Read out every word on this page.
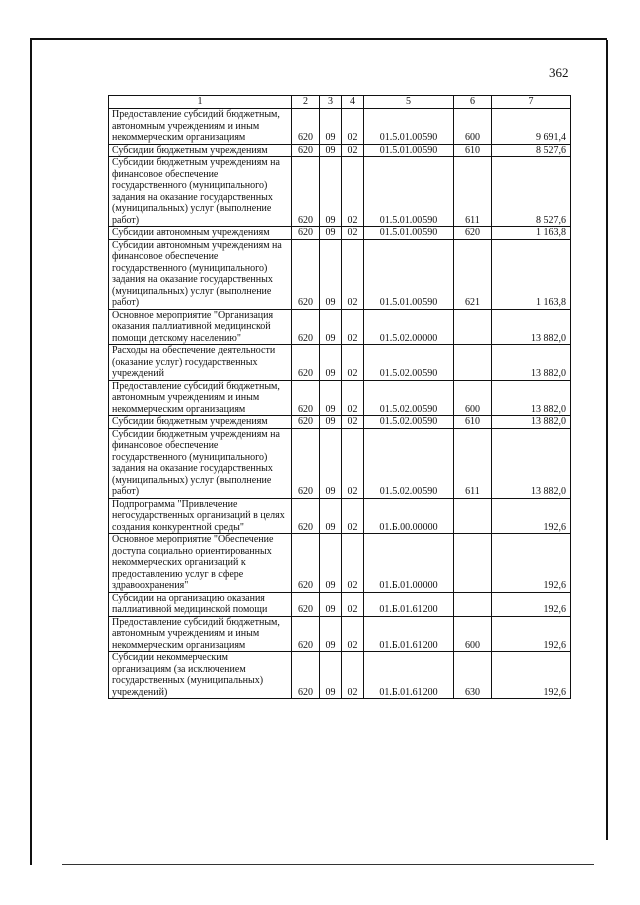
362
1	2	3	4	5	6	7
Предоставление субсидий бюджетным, автономным учреждениям и иным некоммерческим организациям	620	09	02	01.5.01.00590	600	9 691,4
Субсидии бюджетным учреждениям	620	09	02	01.5.01.00590	610	8 527,6
Субсидии бюджетным учреждениям на финансовое обеспечение государственного (муниципального) задания на оказание государственных (муниципальных) услуг (выполнение работ)	620	09	02	01.5.01.00590	611	8 527,6
Субсидии автономным учреждениям	620	09	02	01.5.01.00590	620	1 163,8
Субсидии автономным учреждениям на финансовое обеспечение государственного (муниципального) задания на оказание государственных (муниципальных) услуг (выполнение работ)	620	09	02	01.5.01.00590	621	1 163,8
Основное мероприятие "Организация оказания паллиативной медицинской помощи детскому населению"	620	09	02	01.5.02.00000		13 882,0
Расходы на обеспечение деятельности (оказание услуг) государственных учреждений	620	09	02	01.5.02.00590		13 882,0
Предоставление субсидий бюджетным, автономным учреждениям и иным некоммерческим организациям	620	09	02	01.5.02.00590	600	13 882,0
Субсидии бюджетным учреждениям	620	09	02	01.5.02.00590	610	13 882,0
Субсидии бюджетным учреждениям на финансовое обеспечение государственного (муниципального) задания на оказание государственных (муниципальных) услуг (выполнение работ)	620	09	02	01.5.02.00590	611	13 882,0
Подпрограмма "Привлечение негосударственных организаций в целях создания конкурентной среды"	620	09	02	01.Б.00.00000		192,6
Основное мероприятие "Обеспечение доступа социально ориентированных некоммерческих организаций к предоставлению услуг в сфере здравоохранения"	620	09	02	01.Б.01.00000		192,6
Субсидии на организацию оказания паллиативной медицинской помощи	620	09	02	01.Б.01.61200		192,6
Предоставление субсидий бюджетным, автономным учреждениям и иным некоммерческим организациям	620	09	02	01.Б.01.61200	600	192,6
Субсидии некоммерческим организациям (за исключением государственных (муниципальных) учреждений)	620	09	02	01.Б.01.61200	630	192,6
